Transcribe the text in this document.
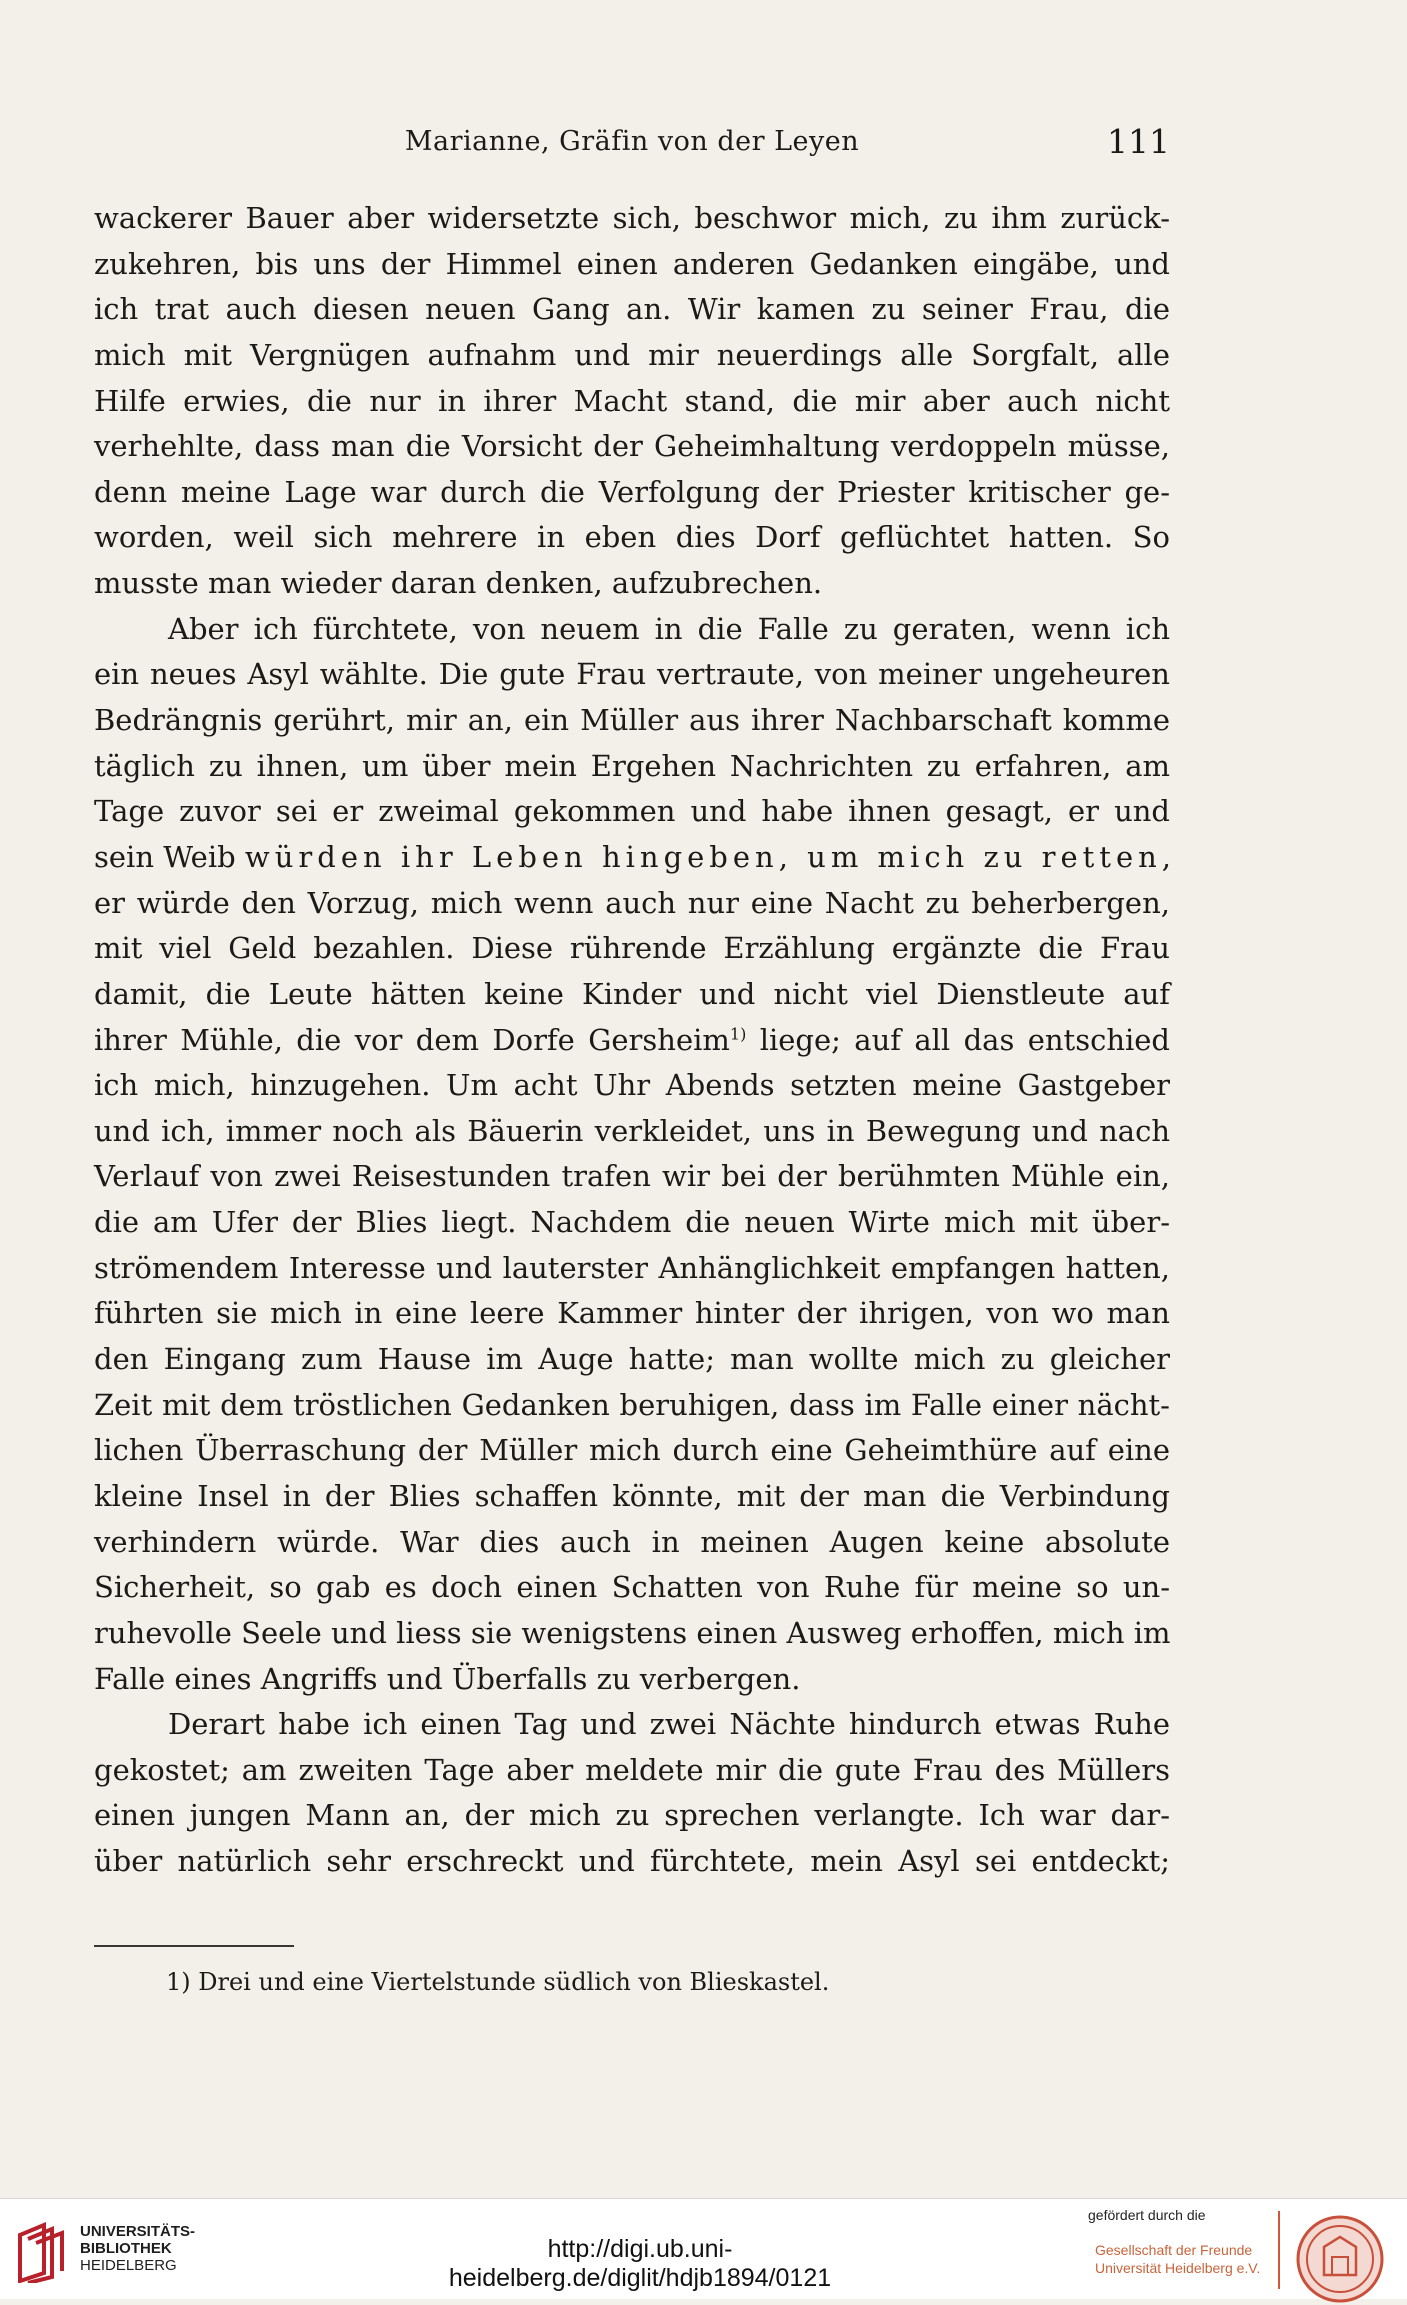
Marianne, Gräfin von der Leyen	111
wackerer Bauer aber widersetzte sich, beschwor mich, zu ihm zurück-
zukehren, bis uns der Himmel einen anderen Gedanken eingäbe, und
ich trat auch diesen neuen Gang an. Wir kamen zu seiner Frau, die
mich mit Vergnügen aufnahm und mir neuerdings alle Sorgfalt, alle
Hilfe erwies, die nur in ihrer Macht stand, die mir aber auch nicht
verhehlte, dass man die Vorsicht der Geheimhaltung verdoppeln müsse,
denn meine Lage war durch die Verfolgung der Priester kritischer ge-
worden, weil sich mehrere in eben dies Dorf geflüchtet hatten. So
musste man wieder daran denken, aufzubrechen.
Aber ich fürchtete, von neuem in die Falle zu geraten, wenn ich
ein neues Asyl wählte. Die gute Frau vertraute, von meiner ungeheuren
Bedrängnis gerührt, mir an, ein Müller aus ihrer Nachbarschaft komme
täglich zu ihnen, um über mein Ergehen Nachrichten zu erfahren, am
Tage zuvor sei er zweimal gekommen und habe ihnen gesagt, er und
sein Weib würden ihr Leben hingeben, um mich zu retten,
er würde den Vorzug, mich wenn auch nur eine Nacht zu beherbergen,
mit viel Geld bezahlen. Diese rührende Erzählung ergänzte die Frau
damit, die Leute hätten keine Kinder und nicht viel Dienstleute auf
ihrer Mühle, die vor dem Dorfe Gersheim$^{1)}$ liege; auf all das entschied
ich mich, hinzugehen. Um acht Uhr Abends setzten meine Gastgeber
und ich, immer noch als Bäuerin verkleidet, uns in Bewegung und nach
Verlauf von zwei Reisestunden trafen wir bei der berühmten Mühle ein,
die am Ufer der Blies liegt. Nachdem die neuen Wirte mich mit über-
strömendem Interesse und lauterster Anhänglichkeit empfangen hatten,
führten sie mich in eine leere Kammer hinter der ihrigen, von wo man
den Eingang zum Hause im Auge hatte; man wollte mich zu gleicher
Zeit mit dem tröstlichen Gedanken beruhigen, dass im Falle einer nächt-
lichen Überraschung der Müller mich durch eine Geheimthüre auf eine
kleine Insel in der Blies schaffen könnte, mit der man die Verbindung
verhindern würde. War dies auch in meinen Augen keine absolute
Sicherheit, so gab es doch einen Schatten von Ruhe für meine so un-
ruhevolle Seele und liess sie wenigstens einen Ausweg erhoffen, mich im
Falle eines Angriffs und Überfalls zu verbergen.
Derart habe ich einen Tag und zwei Nächte hindurch etwas Ruhe
gekostet; am zweiten Tage aber meldete mir die gute Frau des Müllers
einen jungen Mann an, der mich zu sprechen verlangte. Ich war dar-
über natürlich sehr erschreckt und fürchtete, mein Asyl sei entdeckt;
1) Drei und eine Viertelstunde südlich von Blieskastel.
UNIVERSITÄTS-
BIBLIOTHEK
HEIDELBERG
http://digi.ub.uni-heidelberg.de/diglit/hdjb1894/0121
gefördert durch die
Gesellschaft der Freunde
Universität Heidelberg e.V.
